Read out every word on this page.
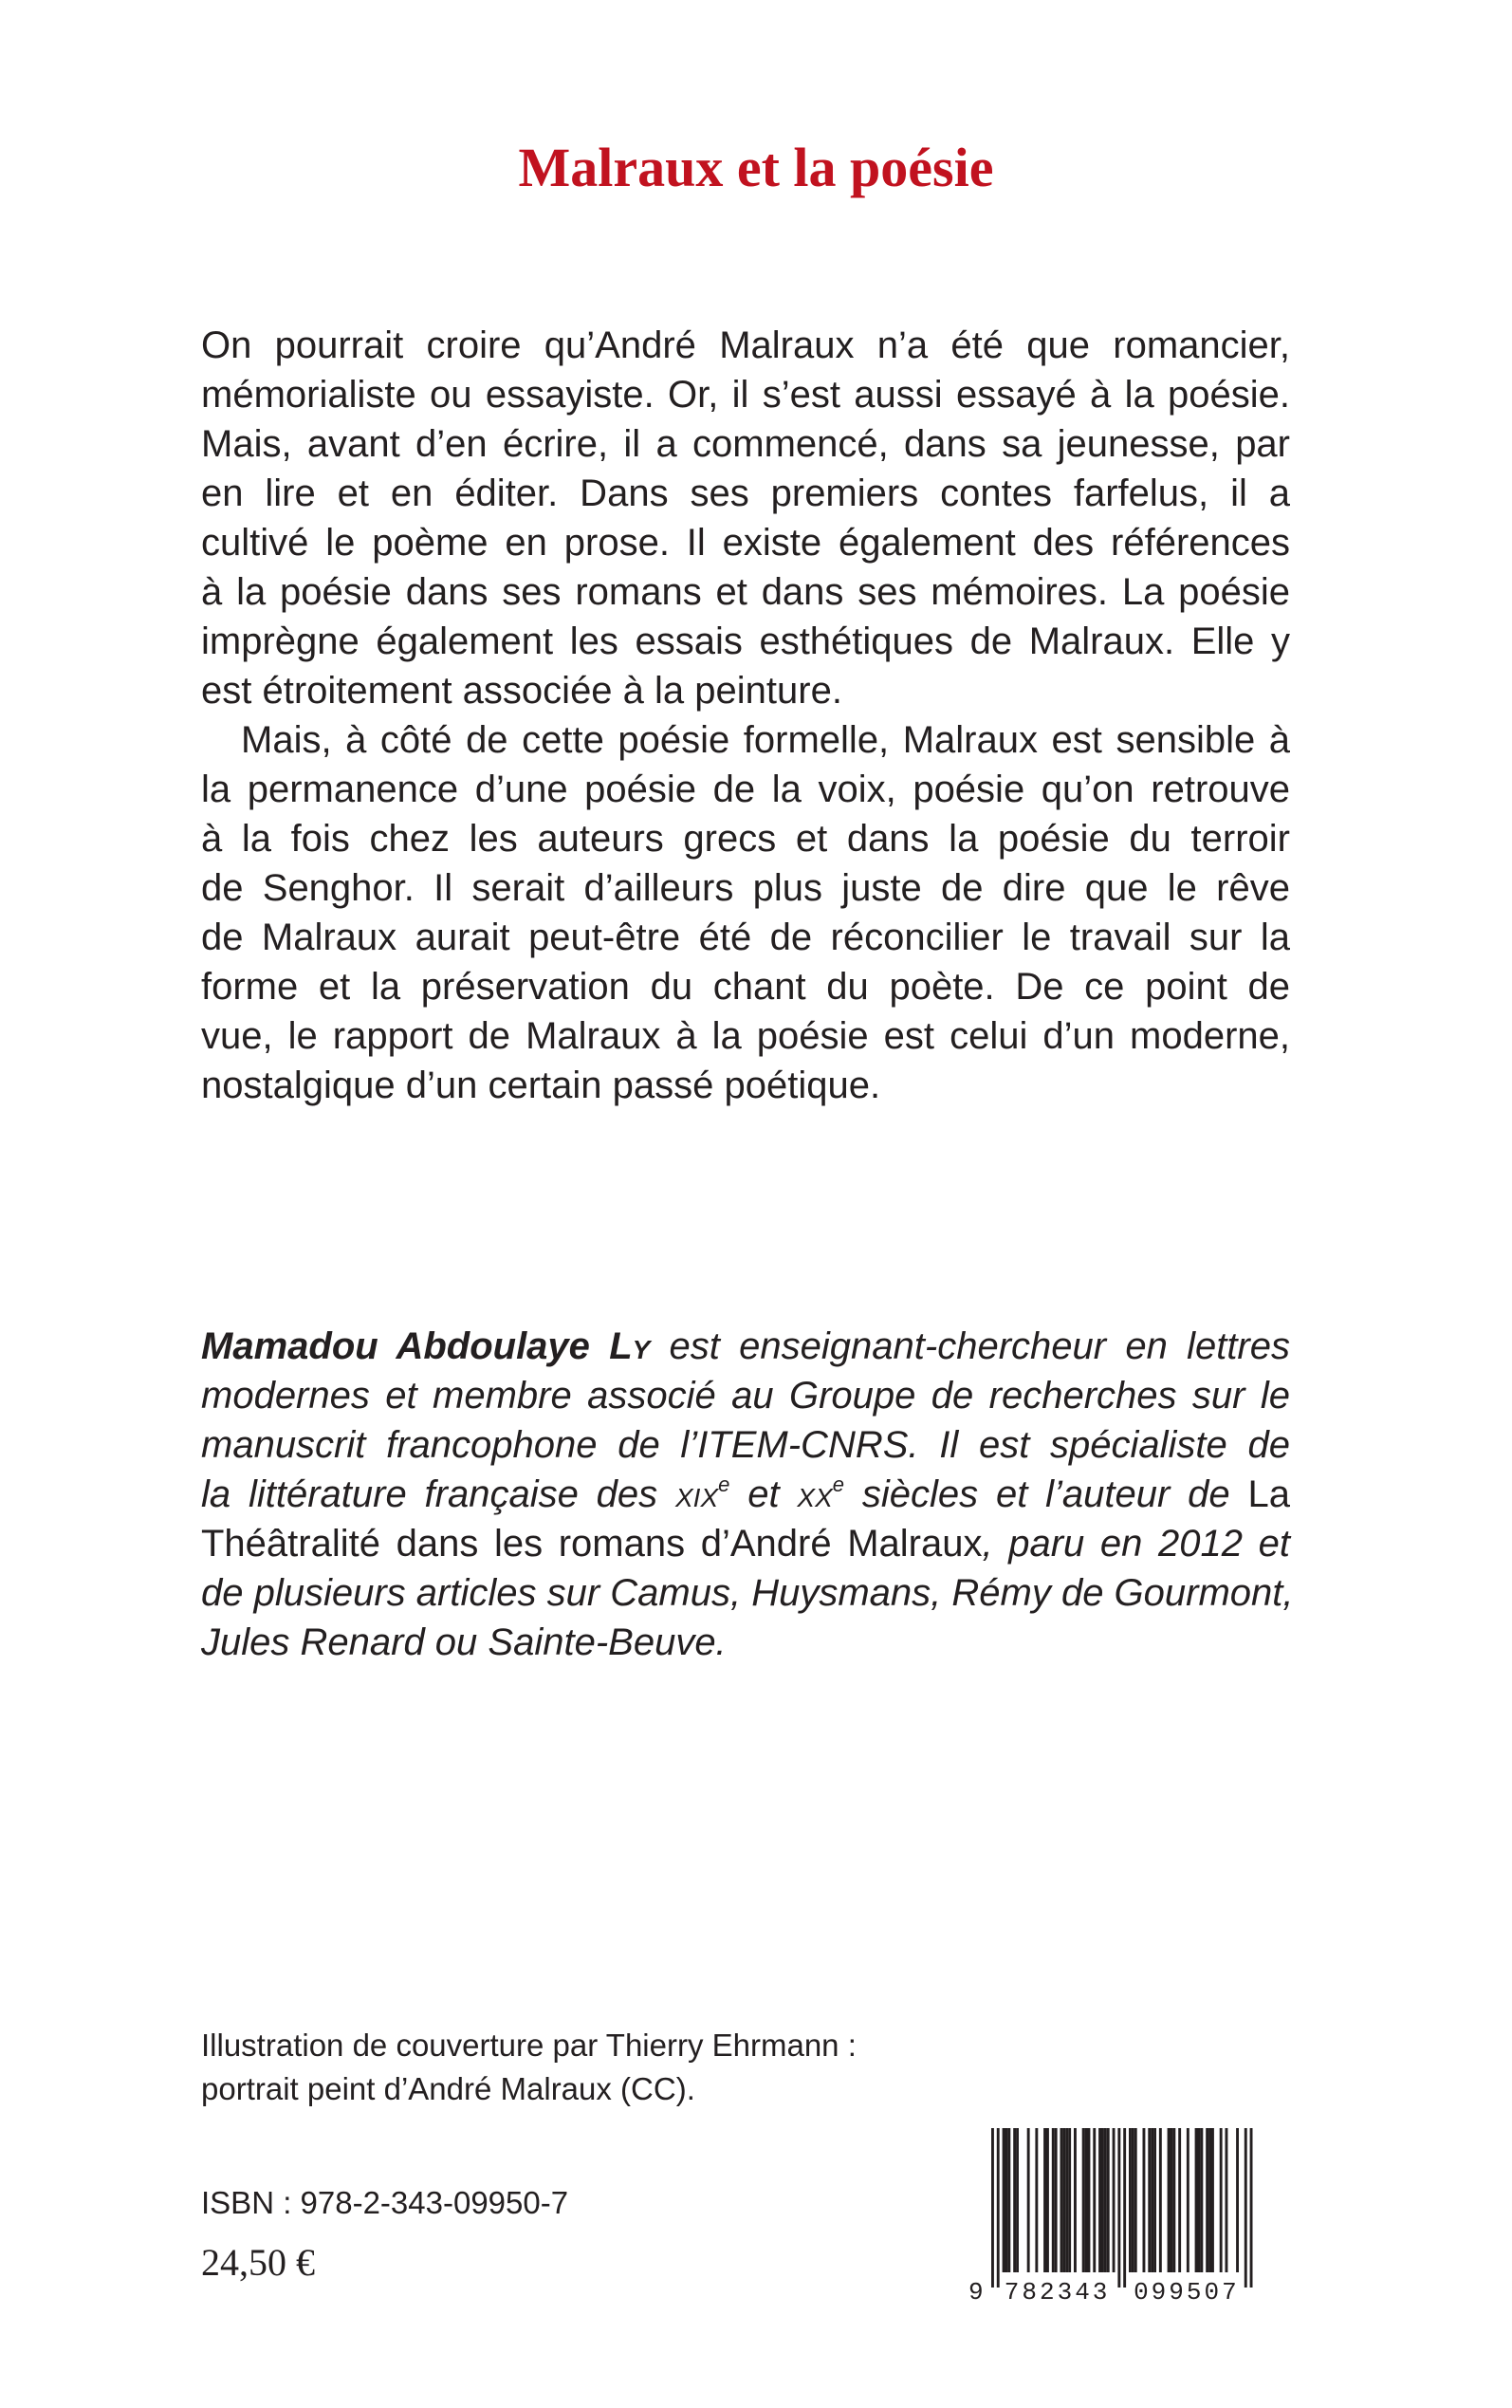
Malraux et la poésie

On pourrait croire qu’André Malraux n’a été que romancier,
mémorialiste ou essayiste. Or, il s’est aussi essayé à la poésie.
Mais, avant d’en écrire, il a commencé, dans sa jeunesse, par
en lire et en éditer. Dans ses premiers contes farfelus, il a
cultivé le poème en prose. Il existe également des références
à la poésie dans ses romans et dans ses mémoires. La poésie
imprègne également les essais esthétiques de Malraux. Elle y
est étroitement associée à la peinture.

Mais, à côté de cette poésie formelle, Malraux est sensible à
la permanence d’une poésie de la voix, poésie qu’on retrouve
à la fois chez les auteurs grecs et dans la poésie du terroir
de Senghor. Il serait d’ailleurs plus juste de dire que le rêve
de Malraux aurait peut-être été de réconcilier le travail sur la
forme et la préservation du chant du poète. De ce point de
vue, le rapport de Malraux à la poésie est celui d’un moderne,
nostalgique d’un certain passé poétique.

Mamadou Abdoulaye Ly est enseignant-chercheur en lettres
modernes et membre associé au Groupe de recherches sur le
manuscrit francophone de l’ITEM-CNRS. Il est spécialiste de
la littérature française des xix$^e$ et $xx^e$ siècles et l’auteur de La
Théâtralité dans les romans d’André Malraux, paru en 2012 et
de plusieurs articles sur Camus, Huysmans, Rémy de Gourmont,
Jules Renard ou Sainte-Beuve.
Illustration de couverture par Thierry Ehrmann :
portrait peint d’André Malraux (CC).
ISBN : 978-2-343-09950-7
24,50 €
9 782343 099507
